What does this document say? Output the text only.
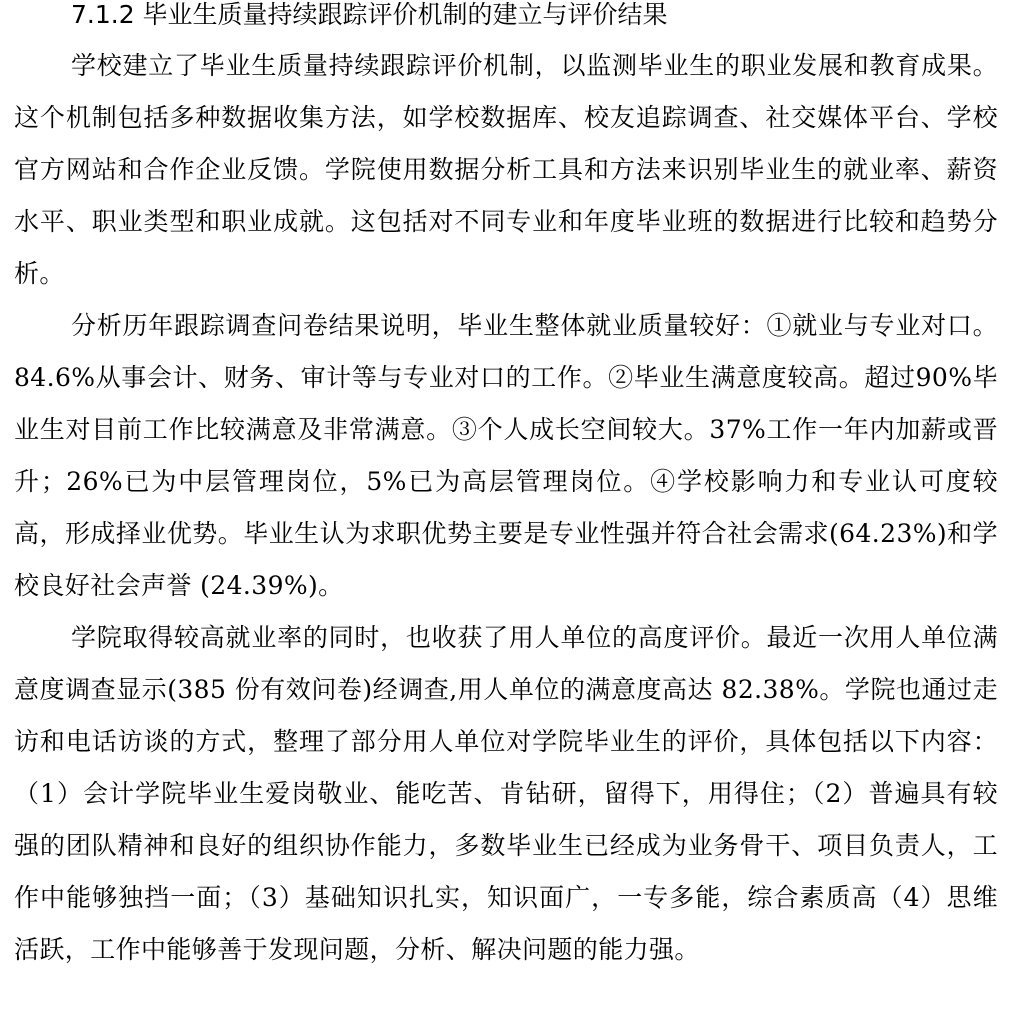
7.1.2 毕业生质量持续跟踪评价机制的建立与评价结果

学校建立了毕业生质量持续跟踪评价机制，以监测毕业生的职业发展和教育成果。这个机制包括多种数据收集方法，如学校数据库、校友追踪调查、社交媒体平台、学校官方网站和合作企业反馈。学院使用数据分析工具和方法来识别毕业生的就业率、薪资水平、职业类型和职业成就。这包括对不同专业和年度毕业班的数据进行比较和趋势分析。

分析历年跟踪调查问卷结果说明，毕业生整体就业质量较好：①就业与专业对口。84.6%从事会计、财务、审计等与专业对口的工作。②毕业生满意度较高。超过90%毕业生对目前工作比较满意及非常满意。③个人成长空间较大。37%工作一年内加薪或晋升；26%已为中层管理岗位，5%已为高层管理岗位。④学校影响力和专业认可度较高，形成择业优势。毕业生认为求职优势主要是专业性强并符合社会需求(64.23%)和学校良好社会声誉 (24.39%)。

学院取得较高就业率的同时，也收获了用人单位的高度评价。最近一次用人单位满意度调查显示(385 份有效问卷)经调查,用人单位的满意度高达 82.38%。学院也通过走访和电话访谈的方式，整理了部分用人单位对学院毕业生的评价，具体包括以下内容：（1）会计学院毕业生爱岗敬业、能吃苦、肯钻研，留得下，用得住；（2）普遍具有较强的团队精神和良好的组织协作能力，多数毕业生已经成为业务骨干、项目负责人，工作中能够独挡一面；（3）基础知识扎实，知识面广，一专多能，综合素质高（4）思维活跃，工作中能够善于发现问题，分析、解决问题的能力强。
